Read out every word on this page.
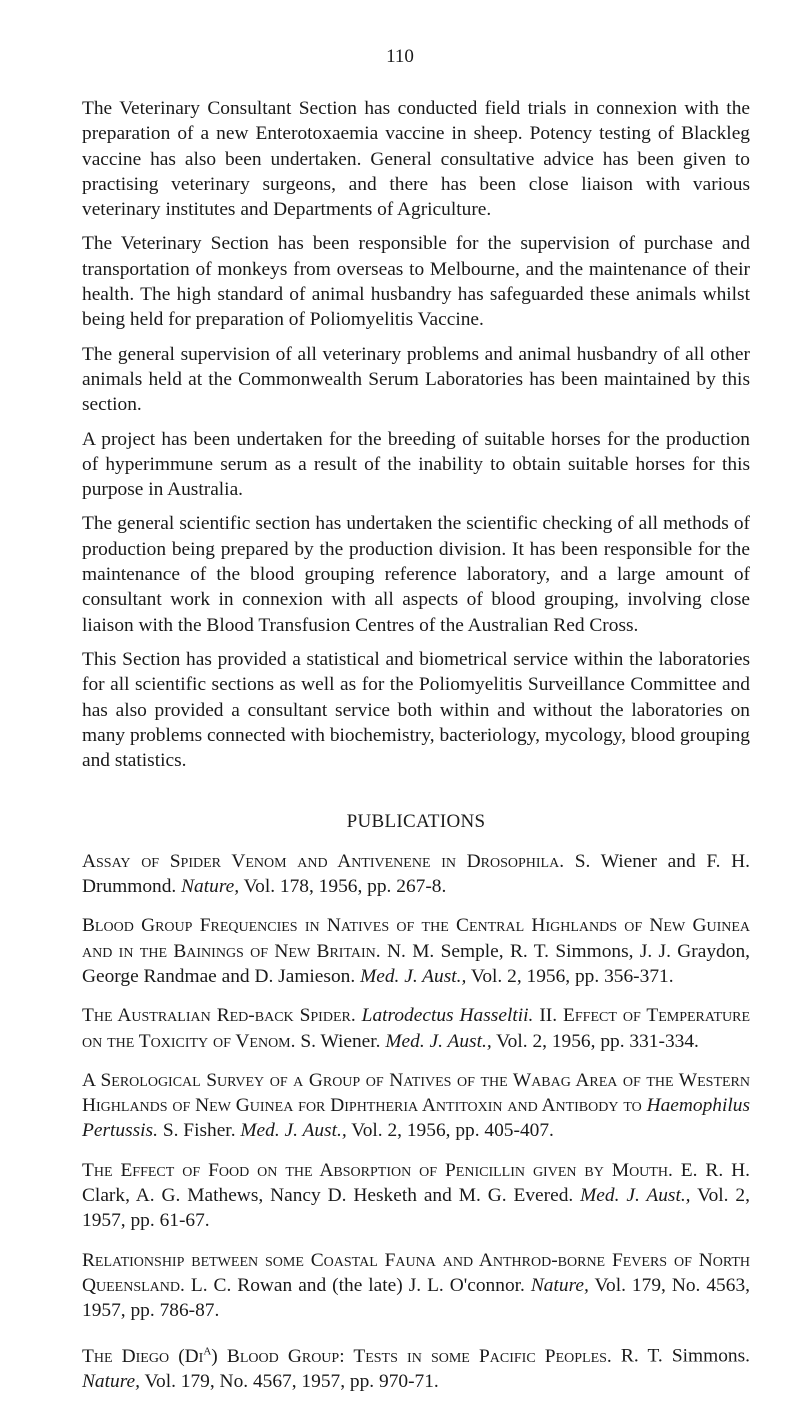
110

The Veterinary Consultant Section has conducted field trials in connexion with the preparation of a new Enterotoxaemia vaccine in sheep. Potency testing of Blackleg vaccine has also been undertaken. General consultative advice has been given to practising veterinary surgeons, and there has been close liaison with various veterinary institutes and Departments of Agriculture.

The Veterinary Section has been responsible for the supervision of purchase and transportation of monkeys from overseas to Melbourne, and the maintenance of their health. The high standard of animal husbandry has safeguarded these animals whilst being held for preparation of Poliomyelitis Vaccine.

The general supervision of all veterinary problems and animal husbandry of all other animals held at the Commonwealth Serum Laboratories has been maintained by this section.

A project has been undertaken for the breeding of suitable horses for the production of hyperimmune serum as a result of the inability to obtain suitable horses for this purpose in Australia.

The general scientific section has undertaken the scientific checking of all methods of production being prepared by the production division. It has been responsible for the maintenance of the blood grouping reference laboratory, and a large amount of consultant work in connexion with all aspects of blood grouping, involving close liaison with the Blood Transfusion Centres of the Australian Red Cross.

This Section has provided a statistical and biometrical service within the laboratories for all scientific sections as well as for the Poliomyelitis Surveillance Committee and has also provided a consultant service both within and without the laboratories on many problems connected with biochemistry, bacteriology, mycology, blood grouping and statistics.

PUBLICATIONS

Assay of Spider Venom and Antivenene in Drosophila. S. Wiener and F. H. Drummond. Nature, Vol. 178, 1956, pp. 267-8.

Blood Group Frequencies in Natives of the Central Highlands of New Guinea and in the Bainings of New Britain. N. M. Semple, R. T. Simmons, J. J. Graydon, George Randmae and D. Jamieson. Med. J. Aust., Vol. 2, 1956, pp. 356-371.

The Australian Red-back Spider. Latrodectus Hasseltii. II. Effect of Temperature on the Toxicity of Venom. S. Wiener. Med. J. Aust., Vol. 2, 1956, pp. 331-334.

A Serological Survey of a Group of Natives of the Wabag Area of the Western Highlands of New Guinea for Diphtheria Antitoxin and Antibody to Haemophilus Pertussis. S. Fisher. Med. J. Aust., Vol. 2, 1956, pp. 405-407.

The Effect of Food on the Absorption of Penicillin given by Mouth. E. R. H. Clark, A. G. Mathews, Nancy D. Hesketh and M. G. Evered. Med. J. Aust., Vol. 2, 1957, pp. 61-67.

Relationship between some Coastal Fauna and Anthrod-borne Fevers of North Queensland. L. C. Rowan and (the late) J. L. O'connor. Nature, Vol. 179, No. 4563, 1957, pp. 786-87.

The Diego (Di$^a$) Blood Group: Tests in some Pacific Peoples. R. T. Simmons. Nature, Vol. 179, No. 4567, 1957, pp. 970-71.
